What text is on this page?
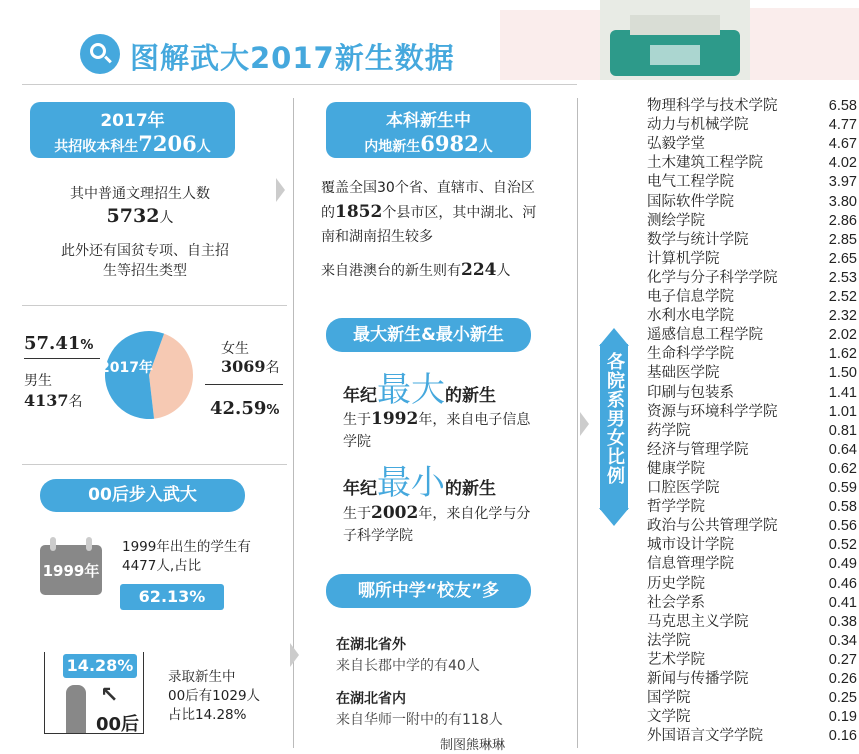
图解武大2017新生数据
2017年
共招收本科生7206人
其中普通文理招生人数
5732人
此外还有国贫专项、自主招生等招生类型
2017年
57.41%
男生
4137名
女生
3069名
42.59%
00后步入武大
1999年
1999年出生的学生有4477人,占比
62.13%
14.28%
↖
00后
录取新生中
00后有1029人
占比14.28%
本科新生中
内地新生6982人
覆盖全国30个省、直辖市、自治区的1852个县市区，其中湖北、河南和湖南招生较多
来自港澳台的新生则有224人
最大新生&最小新生
年纪最大的新生
生于1992年，来自电子信息学院
年纪最小的新生
生于2002年，来自化学与分子科学学院
哪所中学“校友”多
在湖北省外
来自长郡中学的有40人
在湖北省内
来自华师一附中的有118人
制图熊琳琳
各院系男女比例
物理科学与技术学院	6.58
动力与机械学院	4.77
弘毅学堂	4.67
土木建筑工程学院	4.02
电气工程学院	3.97
国际软件学院	3.80
测绘学院	2.86
数学与统计学院	2.85
计算机学院	2.65
化学与分子科学学院	2.53
电子信息学院	2.52
水利水电学院	2.32
遥感信息工程学院	2.02
生命科学学院	1.62
基础医学院	1.50
印刷与包装系	1.41
资源与环境科学学院	1.01
药学院	0.81
经济与管理学院	0.64
健康学院	0.62
口腔医学院	0.59
哲学学院	0.58
政治与公共管理学院	0.56
城市设计学院	0.52
信息管理学院	0.49
历史学院	0.46
社会学系	0.41
马克思主义学院	0.38
法学院	0.34
艺术学院	0.27
新闻与传播学院	0.26
国学院	0.25
文学院	0.19
外国语言文学学院	0.16
